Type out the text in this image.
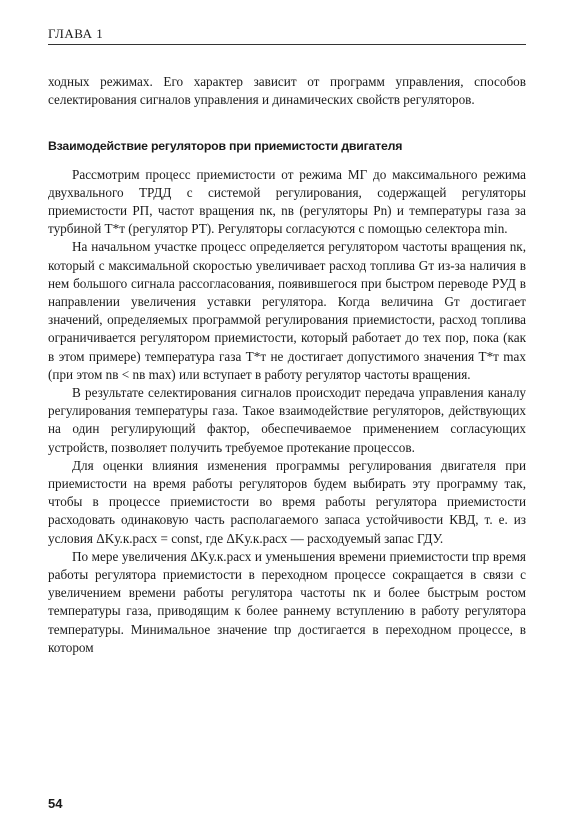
ГЛАВА 1

ходных режимах. Его характер зависит от программ управления, способов селектирования сигналов управления и динамических свойств регуляторов.

Взаимодействие регуляторов при приемистости двигателя

Рассмотрим процесс приемистости от режима МГ до максимального режима двухвального ТРДД с системой регулирования, содержащей регуляторы приемистости РП, частот вращения nк, nв (регуляторы Рn) и температуры газа за турбиной Т*т (регулятор РТ). Регуляторы согласуются с помощью селектора min.

На начальном участке процесс определяется регулятором частоты вращения nк, который с максимальной скоростью увеличивает расход топлива Gт из-за наличия в нем большого сигнала рассогласования, появившегося при быстром переводе РУД в направлении увеличения уставки регулятора. Когда величина Gт достигает значений, определяемых программой регулирования приемистости, расход топлива ограничивается регулятором приемистости, который работает до тех пор, пока (как в этом примере) температура газа Т*т не достигает допустимого значения Т*т max (при этом nв < nв max) или вступает в работу регулятор частоты вращения.

В результате селектирования сигналов происходит передача управления каналу регулирования температуры газа. Такое взаимодействие регуляторов, действующих на один регулирующий фактор, обеспечиваемое применением согласующих устройств, позволяет получить требуемое протекание процессов.

Для оценки влияния изменения программы регулирования двигателя при приемистости на время работы регуляторов будем выбирать эту программу так, чтобы в процессе приемистости во время работы регулятора приемистости расходовать одинаковую часть располагаемого запаса устойчивости КВД, т. е. из условия ΔKу.к.расх = const, где ΔKу.к.расх — расходуемый запас ГДУ.

По мере увеличения ΔKу.к.расх и уменьшения времени приемистости tпр время работы регулятора приемистости в переходном процессе сокращается в связи с увеличением времени работы регулятора частоты nк и более быстрым ростом температуры газа, приводящим к более раннему вступлению в работу регулятора температуры. Минимальное значение tпр достигается в переходном процессе, в котором

54
